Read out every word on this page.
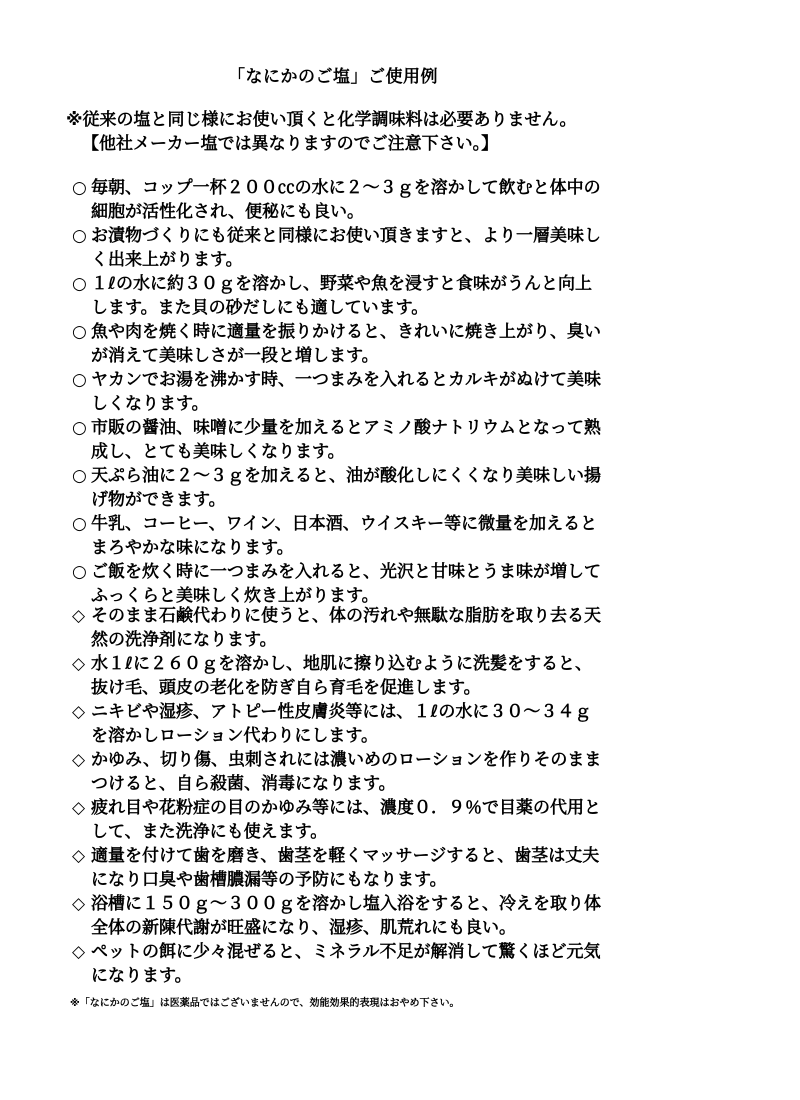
「なにかのご塩」ご使用例
※従来の塩と同じ様にお使い頂くと化学調味料は必要ありません。
【他社メーカー塩では異なりますのでご注意下さい。】
○ 毎朝、コップ一杯２００㏄の水に２～３ｇを溶かして飲むと体中の
細胞が活性化され、便秘にも良い。
○ お漬物づくりにも従来と同様にお使い頂きますと、より一層美味し
く出来上がります。
○ １ℓの水に約３０ｇを溶かし、野菜や魚を浸すと食味がうんと向上
します。また貝の砂だしにも適しています。
○ 魚や肉を焼く時に適量を振りかけると、きれいに焼き上がり、臭い
が消えて美味しさが一段と増します。
○ ヤカンでお湯を沸かす時、一つまみを入れるとカルキがぬけて美味
しくなります。
○ 市販の醤油、味噌に少量を加えるとアミノ酸ナトリウムとなって熟
成し、とても美味しくなります。
○ 天ぷら油に２～３ｇを加えると、油が酸化しにくくなり美味しい揚
げ物ができます。
○ 牛乳、コーヒー、ワイン、日本酒、ウイスキー等に微量を加えると
まろやかな味になります。
○ ご飯を炊く時に一つまみを入れると、光沢と甘味とうま味が増して
ふっくらと美味しく炊き上がります。
◇ そのまま石鹸代わりに使うと、体の汚れや無駄な脂肪を取り去る天
然の洗浄剤になります。
◇ 水１ℓに２６０ｇを溶かし、地肌に擦り込むように洗髪をすると、
抜け毛、頭皮の老化を防ぎ自ら育毛を促進します。
◇ ニキビや湿疹、アトピー性皮膚炎等には、１ℓの水に３０～３４ｇ
を溶かしローション代わりにします。
◇ かゆみ、切り傷、虫刺されには濃いめのローションを作りそのまま
つけると、自ら殺菌、消毒になります。
◇ 疲れ目や花粉症の目のかゆみ等には、濃度０．９％で目薬の代用と
して、また洗浄にも使えます。
◇ 適量を付けて歯を磨き、歯茎を軽くマッサージすると、歯茎は丈夫
になり口臭や歯槽膿漏等の予防にもなります。
◇ 浴槽に１５０ｇ～３００ｇを溶かし塩入浴をすると、冷えを取り体
全体の新陳代謝が旺盛になり、湿疹、肌荒れにも良い。
◇ ペットの餌に少々混ぜると、ミネラル不足が解消して驚くほど元気
になります。
※「なにかのご塩」は医薬品ではございませんので、効能効果的表現はおやめ下さい。
